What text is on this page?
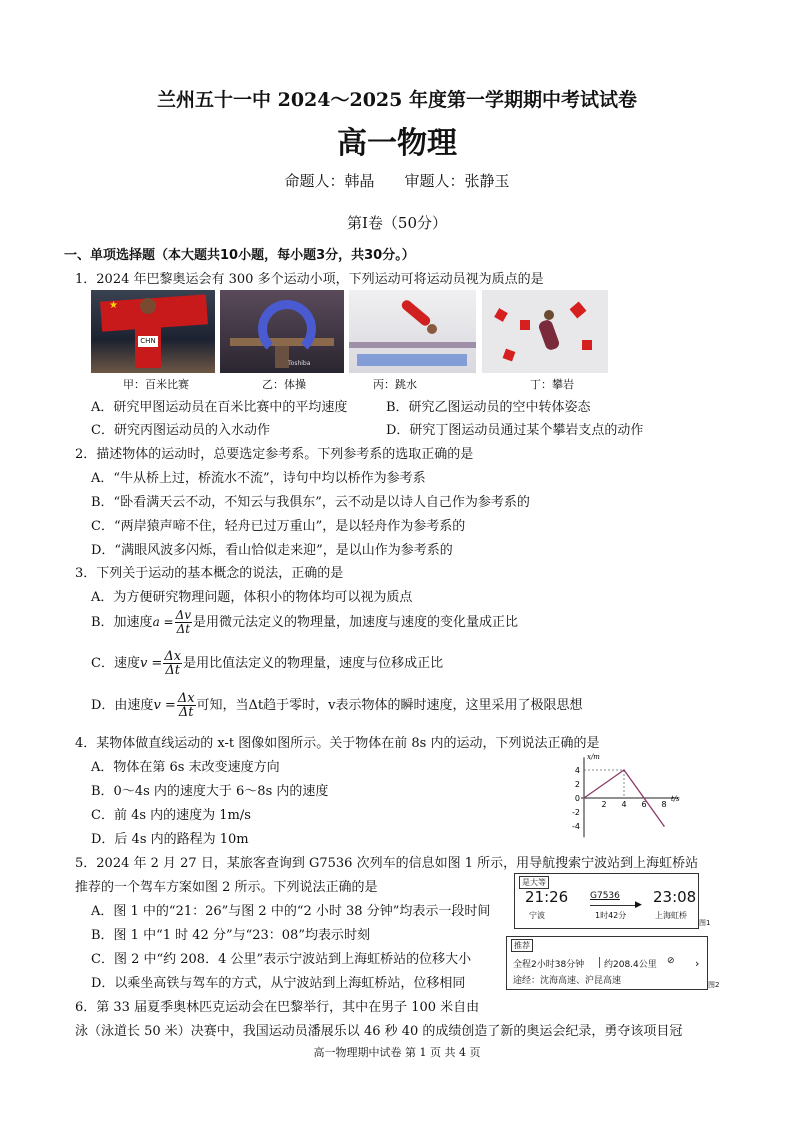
兰州五十一中 2024～2025 年度第一学期期中考试试卷
高一物理
命题人：韩晶　　审题人：张静玉
第Ⅰ卷（50分）
一、单项选择题（本大题共10小题，每小题3分，共30分。）
1．2024 年巴黎奥运会有 300 多个运动小项，下列运动可将运动员视为质点的是
★
CHN
Toshiba
甲：百米比赛	乙：体操	丙：跳水	丁：攀岩
A．研究甲图运动员在百米比赛中的平均速度	B．研究乙图运动员的空中转体姿态
C．研究丙图运动员的入水动作	D．研究丁图运动员通过某个攀岩支点的动作
2．描述物体的运动时，总要选定参考系。下列参考系的选取正确的是
A．“牛从桥上过，桥流水不流”，诗句中均以桥作为参考系
B．“卧看满天云不动，不知云与我俱东”，云不动是以诗人自己作为参考系的
C．“两岸猿声啼不住，轻舟已过万重山”，是以轻舟作为参考系的
D．“满眼风波多闪烁，看山恰似走来迎”，是以山作为参考系的
3．下列关于运动的基本概念的说法，正确的是
A．为方便研究物理问题，体积小的物体均可以视为质点
B．加速度$a = \frac{\Delta v}{\Delta t}$ 是用微元法定义的物理量，加速度与速度的变化量成正比
C．速度$v = \frac{\Delta x}{\Delta t}$ 是用比值法定义的物理量，速度与位移成正比
D．由速度$v = \frac{\Delta x}{\Delta t}$ 可知，当Δt趋于零时，v表示物体的瞬时速度，这里采用了极限思想
4．某物体做直线运动的 x-t 图像如图所示。关于物体在前 8s 内的运动，下列说法正确的是
A．物体在第 6s 末改变速度方向
B．0～4s 内的速度大于 6～8s 内的速度
C．前 4s 内的速度为 1m/s
D．后 4s 内的路程为 10m
x/m
t/s
4
2
0
-2
-4
2 4 6 8
5．2024 年 2 月 27 日，某旅客查询到 G7536 次列车的信息如图 1 所示，用导航搜索宁波站到上海虹桥站
推荐的一个驾车方案如图 2 所示。下列说法正确的是
A．图 1 中的“21：26”与图 2 中的“2 小时 38 分钟”均表示一段时间
B．图 1 中“1 时 42 分”与“23：08”均表示时刻
C．图 2 中“约 208．4 公里”表示宁波站到上海虹桥站的位移大小
D．以乘坐高铁与驾车的方式，从宁波站到上海虹桥站，位移相同
是大等
21:26	23:08
G7536
▶
宁波	1时42分	上海虹桥
图1
推荐
全程2小时38分钟 约208.4公里 ⊘ ›
途经：沈海高速、沪昆高速	图2
6．第 33 届夏季奥林匹克运动会在巴黎举行，其中在男子 100 米自由
泳（泳道长 50 米）决赛中，我国运动员潘展乐以 46 秒 40 的成绩创造了新的奥运会纪录，勇夺该项目冠
高一物理期中试卷 第 1 页 共 4 页
